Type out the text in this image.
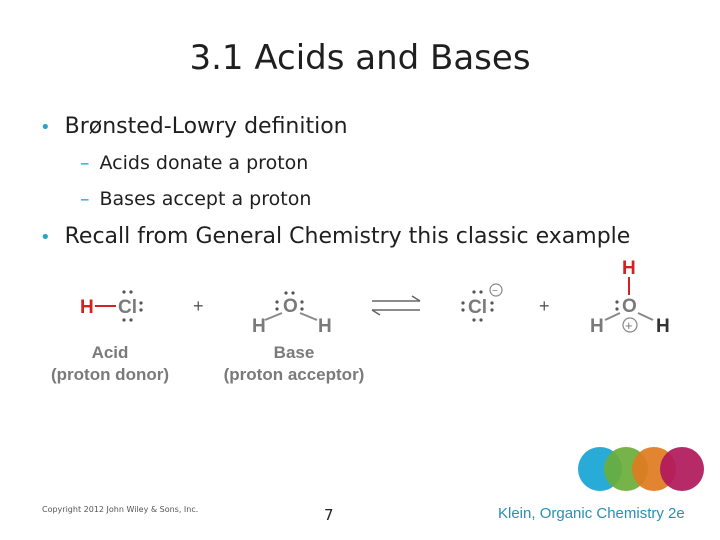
3.1 Acids and Bases
• Brønsted-Lowry definition
– Acids donate a proton
– Bases accept a proton
• Recall from General Chemistry this classic example
H Cl	+	O
H	H
Cl
−
+
H
O
H	H
+
Acid
(proton donor)
Base
(proton acceptor)
Copyright 2012 John Wiley & Sons, Inc.	7	Klein, Organic Chemistry 2e
